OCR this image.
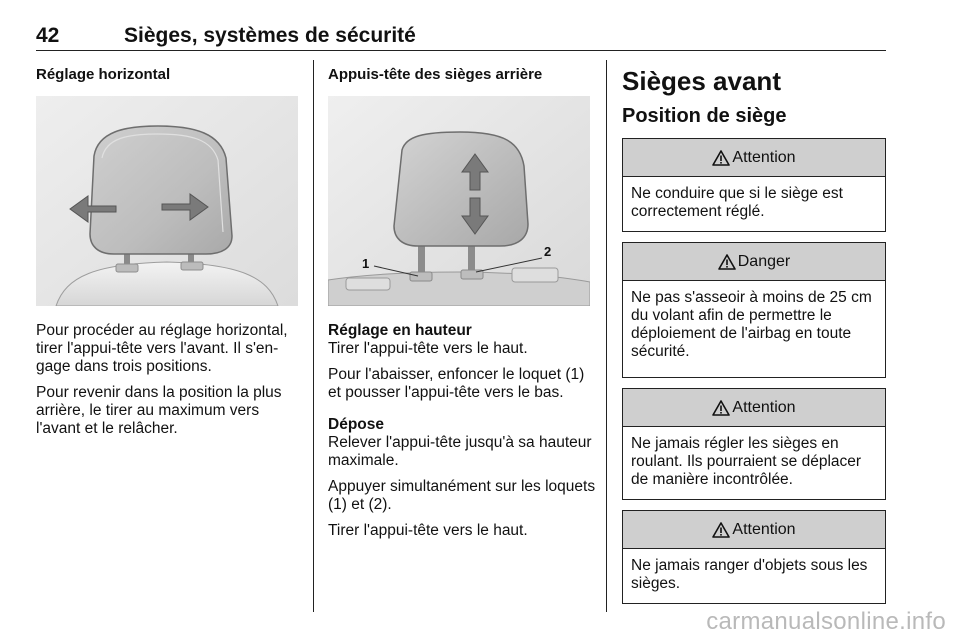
42	Sièges, systèmes de sécurité
Réglage horizontal
Pour procéder au réglage horizontal, tirer l'appui-tête vers l'avant. Il s'en-gage dans trois positions.
Pour revenir dans la position la plus arrière, le tirer au maximum vers l'avant et le relâcher.
Appuis-tête des sièges arrière
1
2
Réglage en hauteur
Tirer l'appui-tête vers le haut.
Pour l'abaisser, enfoncer le loquet (1) et pousser l'appui-tête vers le bas.
Dépose
Relever l'appui-tête jusqu'à sa hauteur maximale.
Appuyer simultanément sur les loquets (1) et (2).
Tirer l'appui-tête vers le haut.
Sièges avant
Position de siège
Attention
Ne conduire que si le siège est correctement réglé.
Danger
Ne pas s'asseoir à moins de 25 cm du volant afin de permettre le déploiement de l'airbag en toute sécurité.
Attention
Ne jamais régler les sièges en roulant. Ils pourraient se déplacer de manière incontrôlée.
Attention
Ne jamais ranger d'objets sous les sièges.
carmanualsonline.info
